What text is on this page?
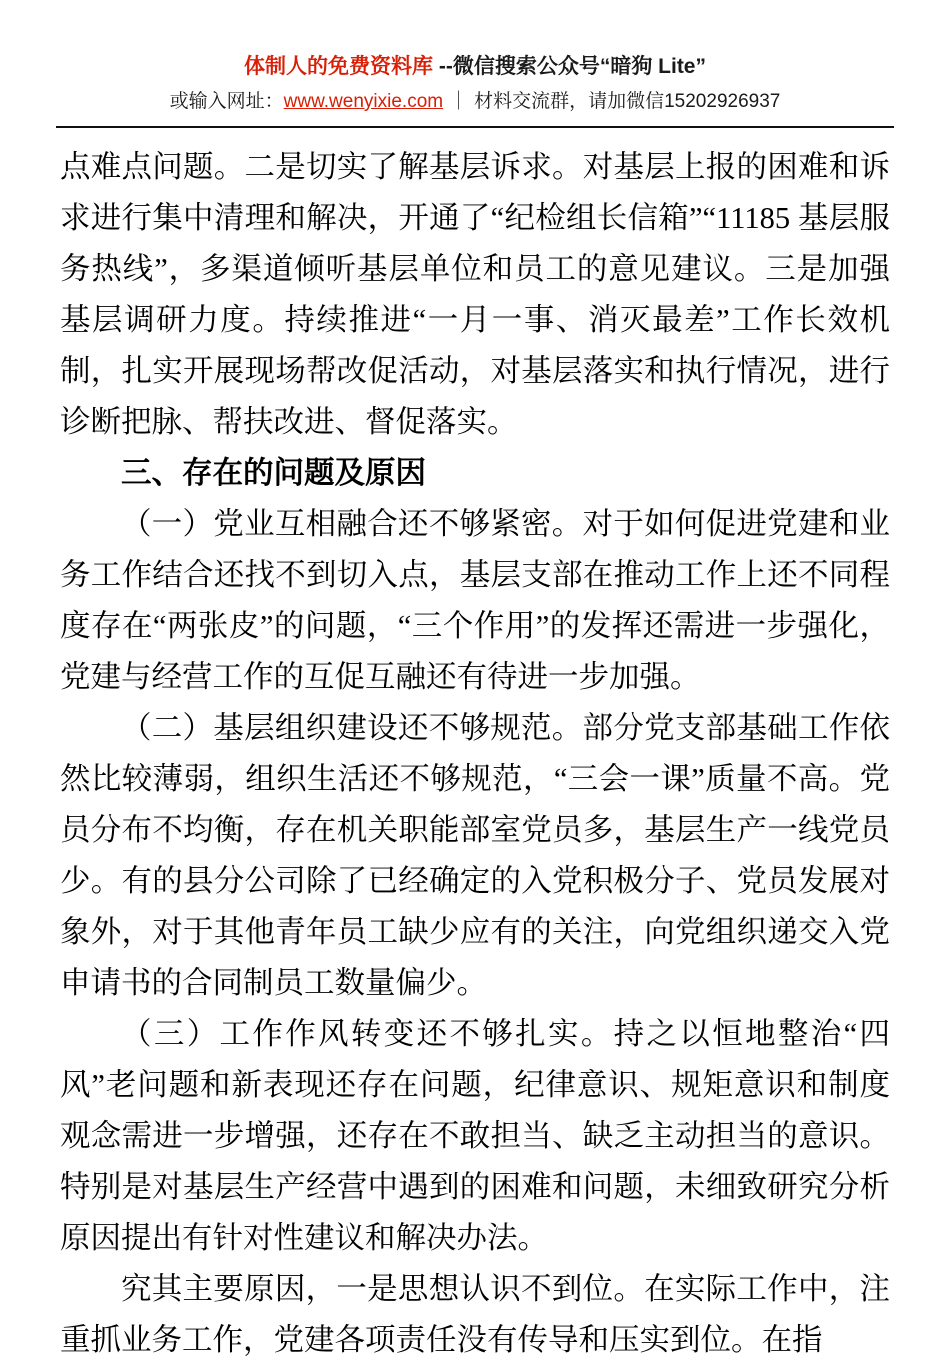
体制人的免费资料库 --微信搜索公众号“暗狗 Lite”
或输入网址：www.wenyixie.com ｜ 材料交流群，请加微信15202926937

点难点问题。二是切实了解基层诉求。对基层上报的困难和诉求进行集中清理和解决，开通了“纪检组长信箱”“11185 基层服务热线”，多渠道倾听基层单位和员工的意见建议。三是加强基层调研力度。持续推进“一月一事、消灭最差”工作长效机制，扎实开展现场帮改促活动，对基层落实和执行情况，进行诊断把脉、帮扶改进、督促落实。

三、存在的问题及原因

（一）党业互相融合还不够紧密。对于如何促进党建和业务工作结合还找不到切入点，基层支部在推动工作上还不同程度存在“两张皮”的问题，“三个作用”的发挥还需进一步强化，党建与经营工作的互促互融还有待进一步加强。

（二）基层组织建设还不够规范。部分党支部基础工作依然比较薄弱，组织生活还不够规范，“三会一课”质量不高。党员分布不均衡，存在机关职能部室党员多，基层生产一线党员少。有的县分公司除了已经确定的入党积极分子、党员发展对象外，对于其他青年员工缺少应有的关注，向党组织递交入党申请书的合同制员工数量偏少。

（三）工作作风转变还不够扎实。持之以恒地整治“四风”老问题和新表现还存在问题，纪律意识、规矩意识和制度观念需进一步增强，还存在不敢担当、缺乏主动担当的意识。特别是对基层生产经营中遇到的困难和问题，未细致研究分析原因提出有针对性建议和解决办法。

究其主要原因，一是思想认识不到位。在实际工作中，注重抓业务工作，党建各项责任没有传导和压实到位。在指
